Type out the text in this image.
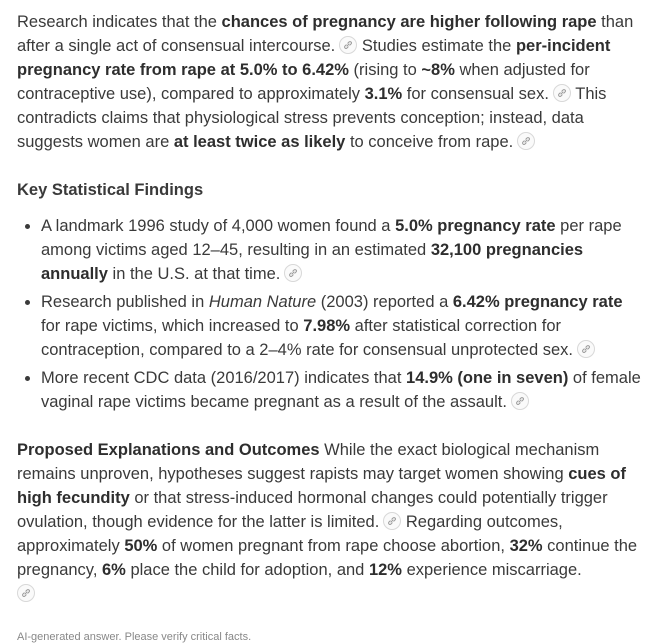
Research indicates that the chances of pregnancy are higher following rape than after a single act of consensual intercourse.
Studies estimate the per-incident pregnancy rate from rape at 5.0% to 6.42% (rising to ~8% when adjusted for contraceptive use), compared to approximately 3.1% for consensual sex.
This contradicts claims that physiological stress prevents conception; instead, data suggests women are at least twice as likely to conceive from rape.

Key Statistical Findings
• A landmark 1996 study of 4,000 women found a 5.0% pregnancy rate per rape among victims aged 12–45, resulting in an estimated 32,100 pregnancies annually in the U.S. at that time.
• Research published in Human Nature (2003) reported a 6.42% pregnancy rate for rape victims, which increased to 7.98% after statistical correction for contraception, compared to a 2–4% rate for consensual unprotected sex.
• More recent CDC data (2016/2017) indicates that 14.9% (one in seven) of female vaginal rape victims became pregnant as a result of the assault.

Proposed Explanations and Outcomes While the exact biological mechanism remains unproven, hypotheses suggest rapists may target women showing cues of high fecundity or that stress-induced hormonal changes could potentially trigger ovulation, though evidence for the latter is limited.
Regarding outcomes, approximately 50% of women pregnant from rape choose abortion, 32% continue the pregnancy, 6% place the child for adoption, and 12% experience miscarriage.

AI-generated answer. Please verify critical facts.
